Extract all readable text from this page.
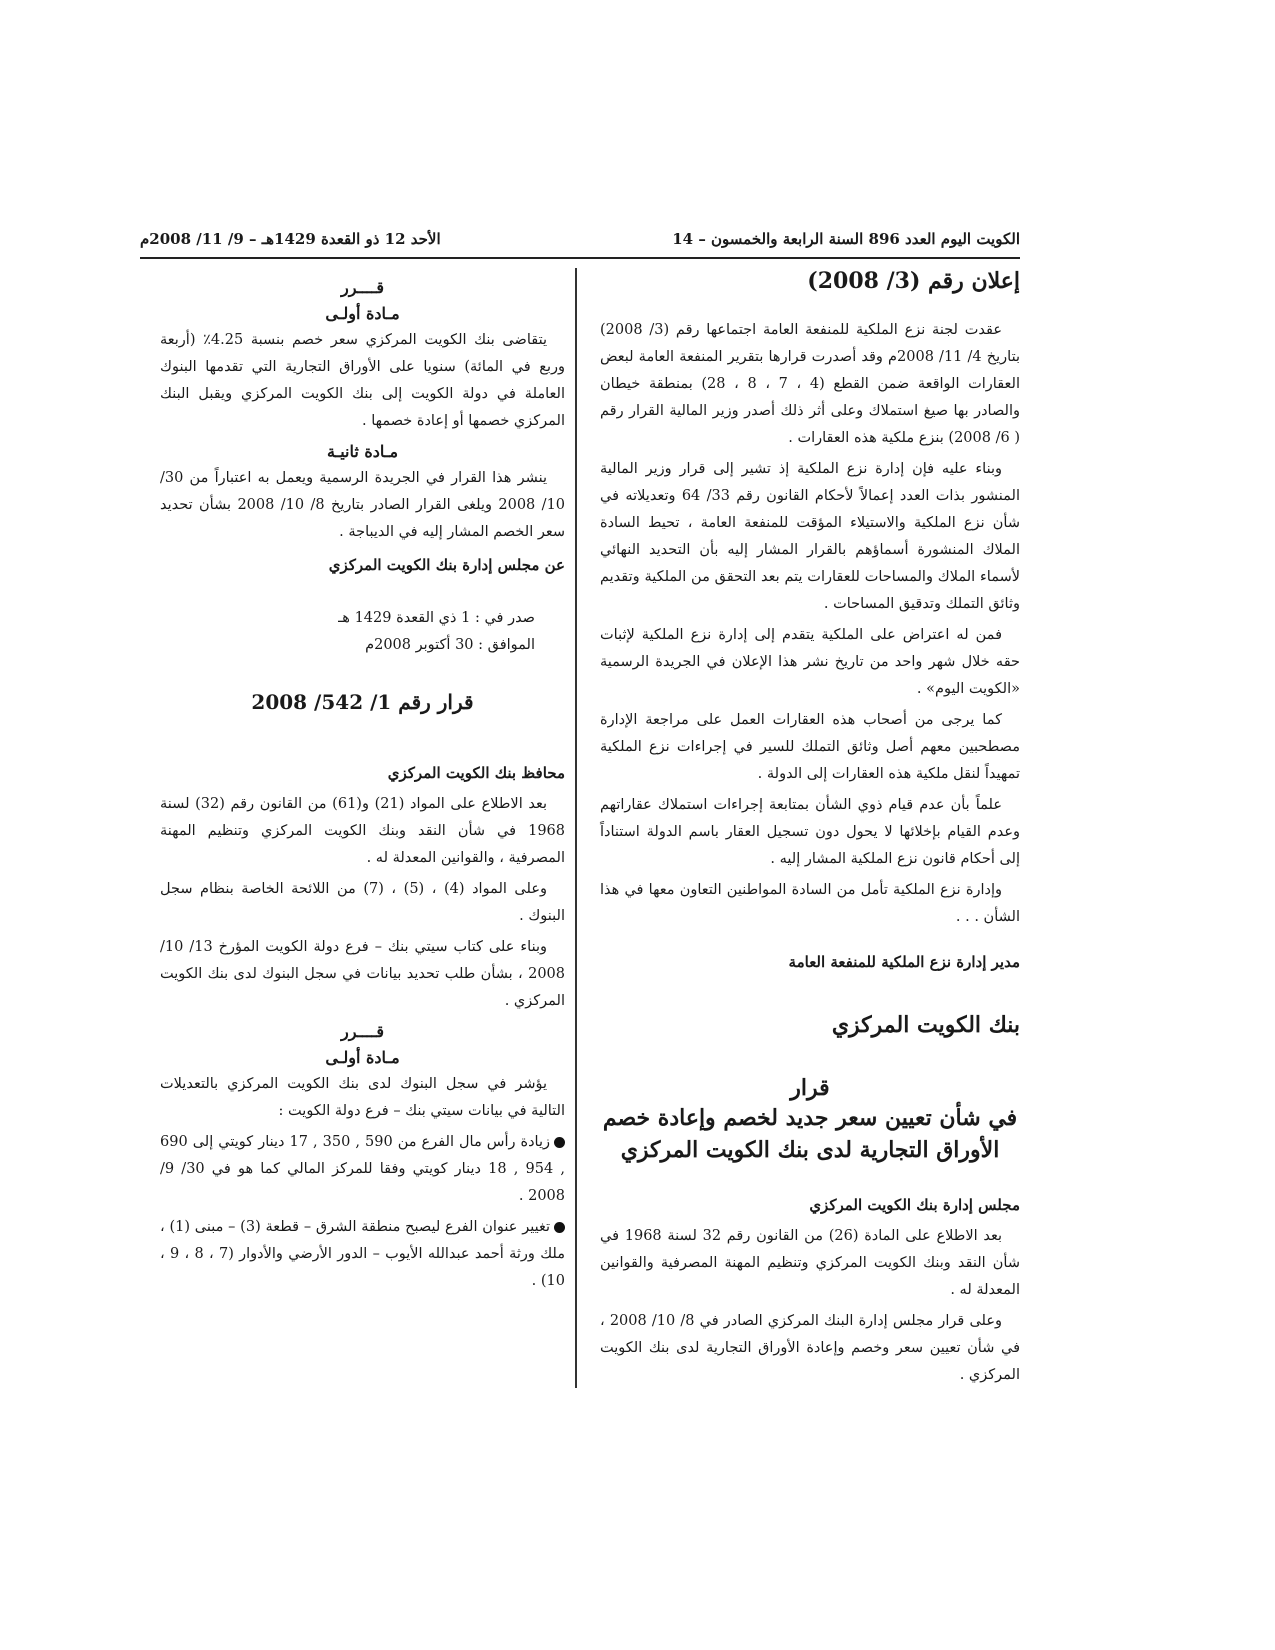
الكويت اليوم العدد 896 السنة الرابعة والخمسون – 14
الأحد 12 ذو القعدة 1429هـ – 9/ 11/ 2008م
إعلان رقم (3/ 2008)

عقدت لجنة نزع الملكية للمنفعة العامة اجتماعها رقم (3/ 2008) بتاريخ 4/ 11/ 2008م وقد أصدرت قرارها بتقرير المنفعة العامة لبعض العقارات الواقعة ضمن القطع (4 ، 7 ، 8 ، 28) بمنطقة خيطان والصادر بها صيغ استملاك وعلى أثر ذلك أصدر وزير المالية القرار رقم ( 6/ 2008) بنزع ملكية هذه العقارات .

وبناء عليه فإن إدارة نزع الملكية إذ تشير إلى قرار وزير المالية المنشور بذات العدد إعمالاً لأحكام القانون رقم 33/ 64 وتعديلاته في شأن نزع الملكية والاستيلاء المؤقت للمنفعة العامة ، تحيط السادة الملاك المنشورة أسماؤهم بالقرار المشار إليه بأن التحديد النهائي لأسماء الملاك والمساحات للعقارات يتم بعد التحقق من الملكية وتقديم وثائق التملك وتدقيق المساحات .

فمن له اعتراض على الملكية يتقدم إلى إدارة نزع الملكية لإثبات حقه خلال شهر واحد من تاريخ نشر هذا الإعلان في الجريدة الرسمية «الكويت اليوم» .

كما يرجى من أصحاب هذه العقارات العمل على مراجعة الإدارة مصطحبين معهم أصل وثائق التملك للسير في إجراءات نزع الملكية تمهيداً لنقل ملكية هذه العقارات إلى الدولة .

علماً بأن عدم قيام ذوي الشأن بمتابعة إجراءات استملاك عقاراتهم وعدم القيام بإخلائها لا يحول دون تسجيل العقار باسم الدولة استناداً إلى أحكام قانون نزع الملكية المشار إليه .

وإدارة نزع الملكية تأمل من السادة المواطنين التعاون معها في هذا الشأن . . .

مدير إدارة نزع الملكية للمنفعة العامة
بنك الكويت المركزي
قرار
في شأن تعيين سعر جديد لخصم وإعادة خصم الأوراق التجارية لدى بنك الكويت المركزي
مجلس إدارة بنك الكويت المركزي

بعد الاطلاع على المادة (26) من القانون رقم 32 لسنة 1968 في شأن النقد وبنك الكويت المركزي وتنظيم المهنة المصرفية والقوانين المعدلة له .

وعلى قرار مجلس إدارة البنك المركزي الصادر في 8/ 10/ 2008 ، في شأن تعيين سعر وخصم وإعادة الأوراق التجارية لدى بنك الكويت المركزي .

قــــرر
مـادة أولـى

يتقاضى بنك الكويت المركزي سعر خصم بنسبة 4.25٪ (أربعة وربع في المائة) سنويا على الأوراق التجارية التي تقدمها البنوك العاملة في دولة الكويت إلى بنك الكويت المركزي ويقبل البنك المركزي خصمها أو إعادة خصمها .

مـادة ثانيـة

ينشر هذا القرار في الجريدة الرسمية ويعمل به اعتباراً من 30/ 10/ 2008 ويلغى القرار الصادر بتاريخ 8/ 10/ 2008 بشأن تحديد سعر الخصم المشار إليه في الديباجة .

عن مجلس إدارة بنك الكويت المركزي
صدر في : 1 ذي القعدة 1429 هـ
الموافق : 30 أكتوبر 2008م
قرار رقم 1/ 542/ 2008
محافظ بنك الكويت المركزي

بعد الاطلاع على المواد (21) و(61) من القانون رقم (32) لسنة 1968 في شأن النقد وبنك الكويت المركزي وتنظيم المهنة المصرفية ، والقوانين المعدلة له .

وعلى المواد (4) ، (5) ، (7) من اللائحة الخاصة بنظام سجل البنوك .

وبناء على كتاب سيتي بنك – فرع دولة الكويت المؤرخ 13/ 10/ 2008 ، بشأن طلب تحديد بيانات في سجل البنوك لدى بنك الكويت المركزي .

قــــرر
مـادة أولـى

يؤشر في سجل البنوك لدى بنك الكويت المركزي بالتعديلات التالية في بيانات سيتي بنك – فرع دولة الكويت :

زيادة رأس مال الفرع من 590 , 350 , 17 دينار كويتي إلى 690 , 954 , 18 دينار كويتي وفقا للمركز المالي كما هو في 30/ 9/ 2008 .
تغيير عنوان الفرع ليصبح منطقة الشرق – قطعة (3) – مبنى (1) ، ملك ورثة أحمد عبدالله الأيوب – الدور الأرضي والأدوار (7 ، 8 ، 9 ، 10) .
